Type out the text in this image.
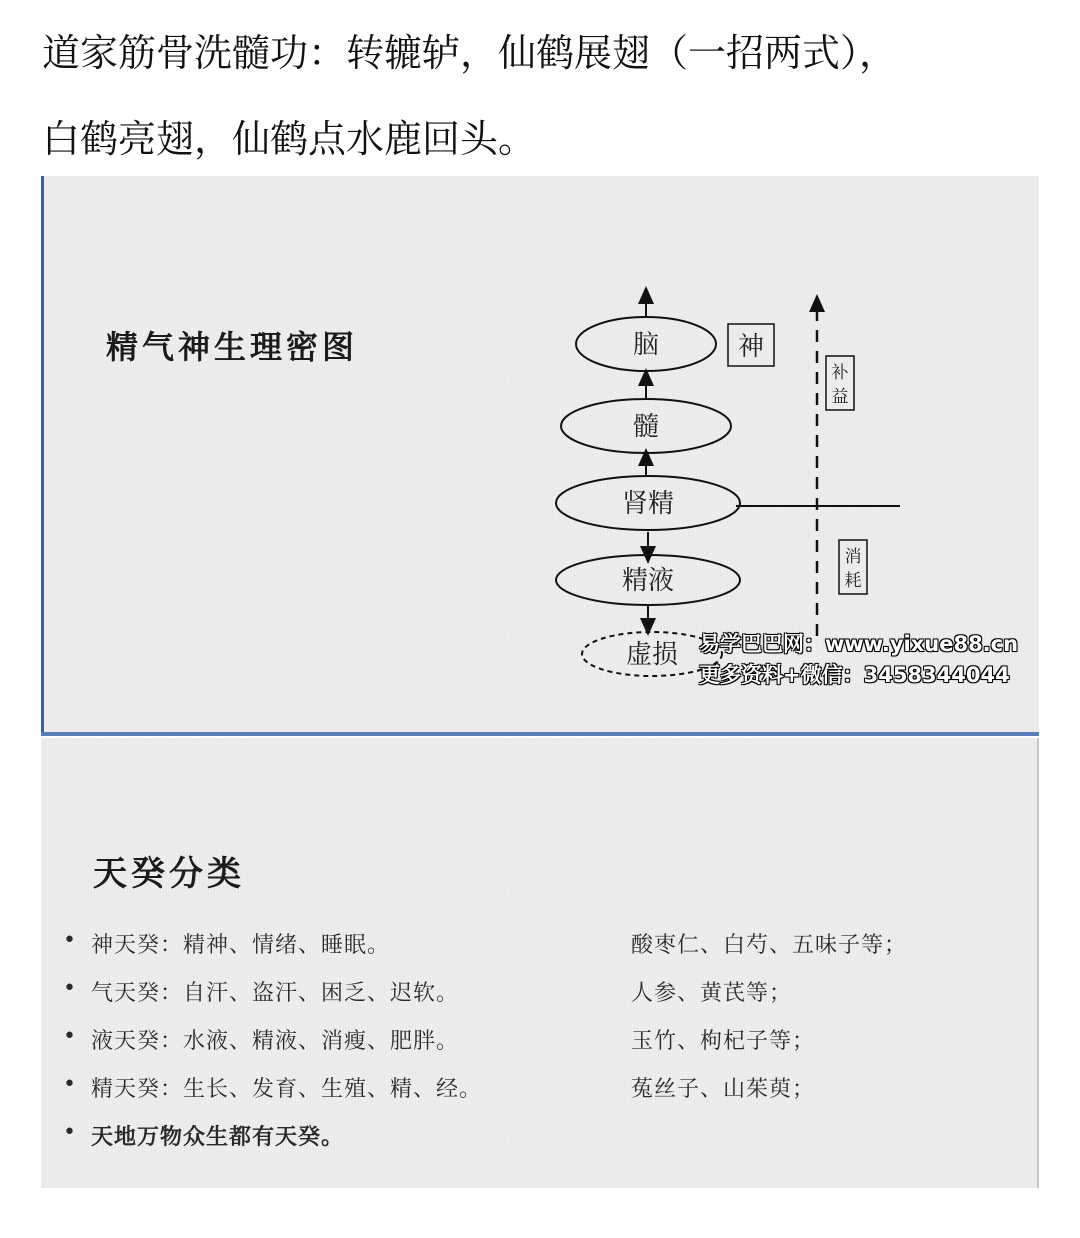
道家筋骨洗髓功：转辘轳，仙鹤展翅（一招两式），
白鹤亮翅，仙鹤点水鹿回头。
精气神生理密图	脑
髓
肾精
精液
虚损
神
补
益
消
耗
易学巴巴网：www.yixue88.cn
更多资料+微信：3458344044
天癸分类
• 神天癸：精神、情绪、睡眠。	酸枣仁、白芍、五味子等；
• 气天癸：自汗、盗汗、困乏、迟软。	人参、黄芪等；
• 液天癸：水液、精液、消瘦、肥胖。	玉竹、枸杞子等；
• 精天癸：生长、发育、生殖、精、经。	菟丝子、山茱萸；
• 天地万物众生都有天癸。
